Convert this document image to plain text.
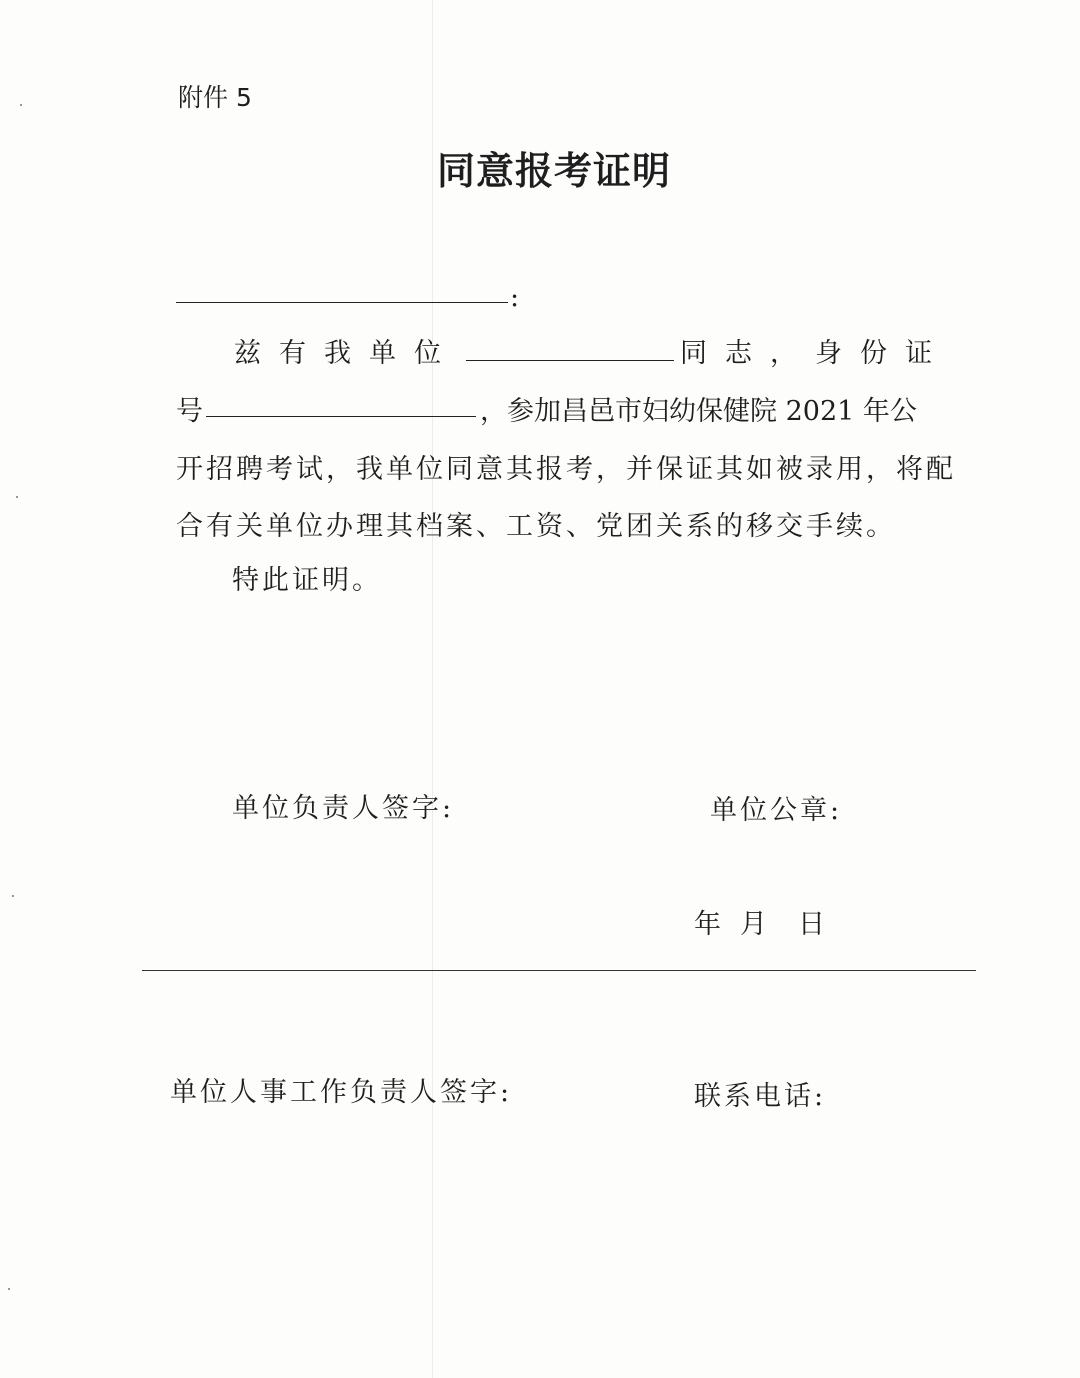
附件 5
同意报考证明
:
兹有我单位	同志，身份证
号	，参加昌邑市妇幼保健院 2021 年公
开招聘考试，我单位同意其报考，并保证其如被录用，将配
合有关单位办理其档案、工资、党团关系的移交手续。
特此证明。
单位负责人签字:	单位公章:
年 月 日
单位人事工作负责人签字:	联系电话:
